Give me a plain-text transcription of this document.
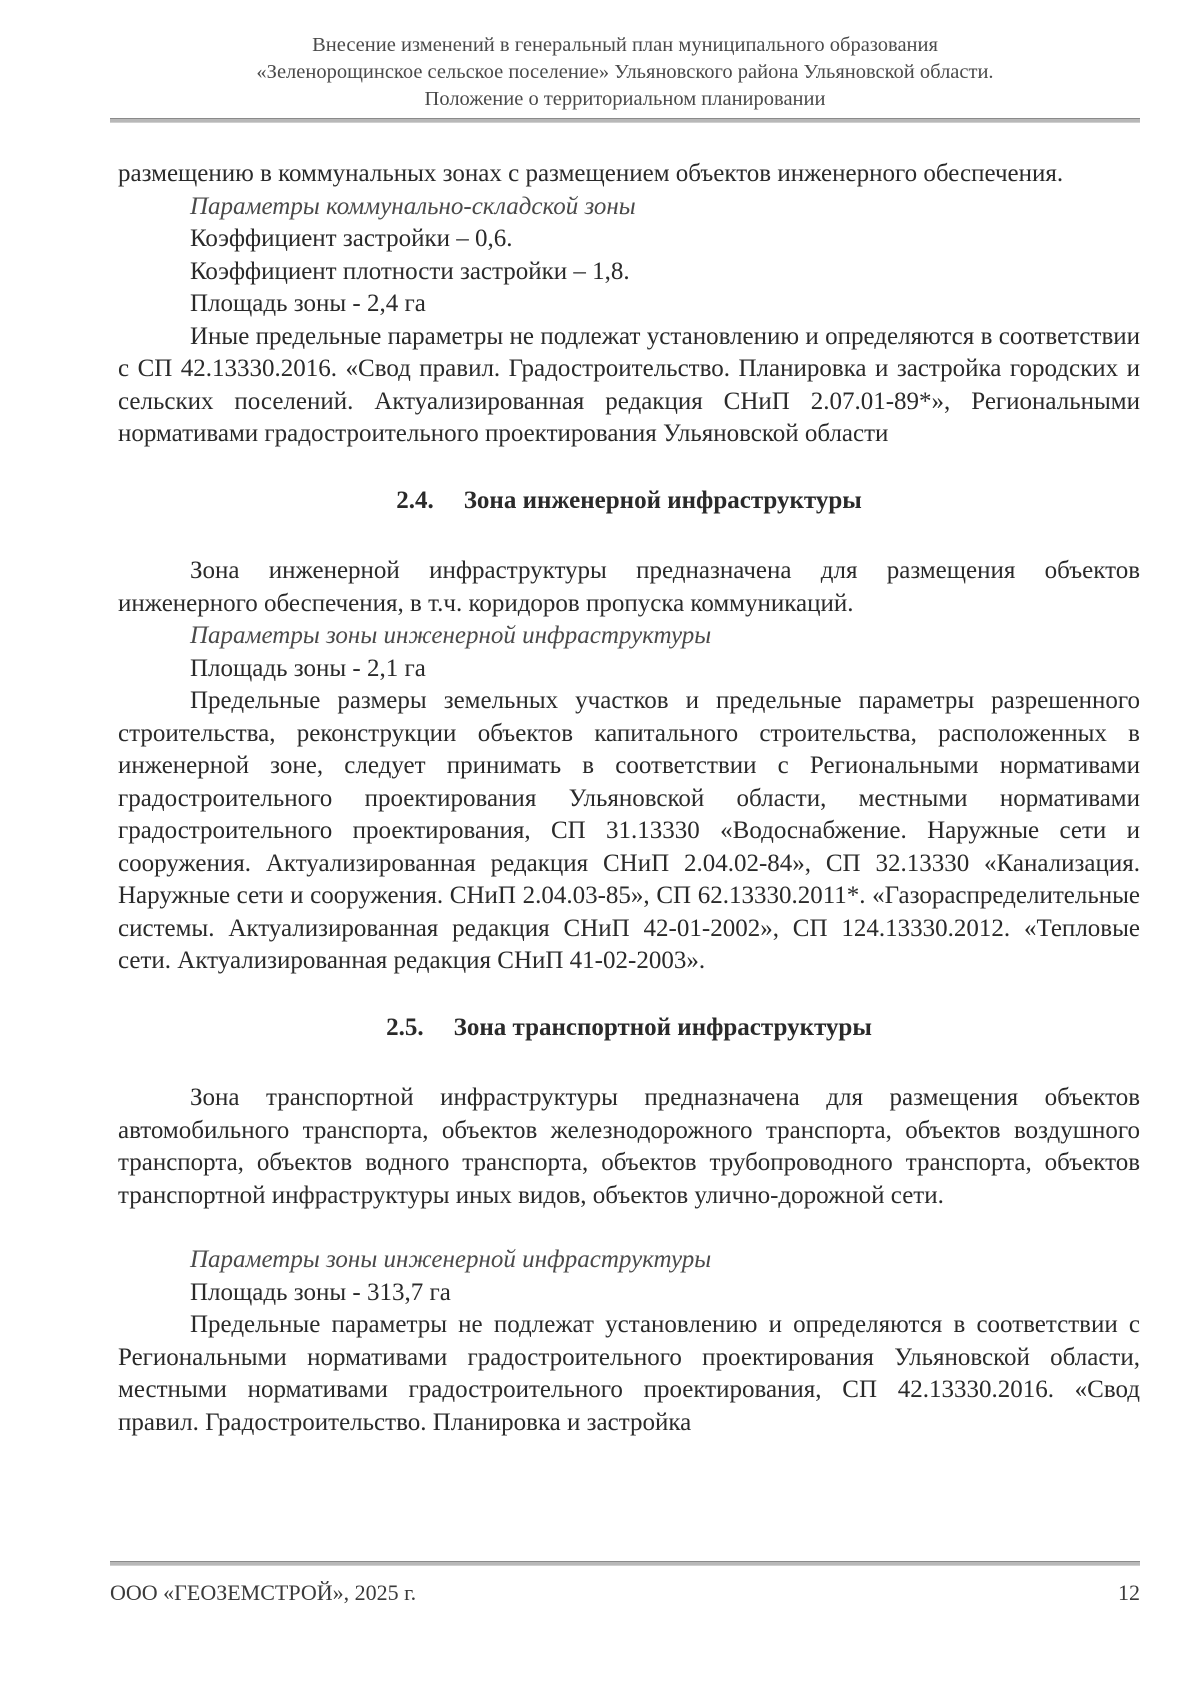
Внесение изменений в генеральный план муниципального образования
«Зеленорощинское сельское поселение» Ульяновского района Ульяновской области.
Положение о территориальном планировании

размещению в коммунальных зонах с размещением объектов инженерного обеспечения.

Параметры коммунально-складской зоны

Коэффициент застройки – 0,6.

Коэффициент плотности застройки – 1,8.

Площадь зоны - 2,4 га

Иные предельные параметры не подлежат установлению и определяются в соответствии с СП 42.13330.2016. «Свод правил. Градостроительство. Планировка и застройка городских и сельских поселений. Актуализированная редакция СНиП 2.07.01-89*», Региональными нормативами градостроительного проектирования Ульяновской области

2.4. Зона инженерной инфраструктуры

Зона инженерной инфраструктуры предназначена для размещения объектов инженерного обеспечения, в т.ч. коридоров пропуска коммуникаций.

Параметры зоны инженерной инфраструктуры

Площадь зоны - 2,1 га

Предельные размеры земельных участков и предельные параметры разрешенного строительства, реконструкции объектов капитального строительства, расположенных в инженерной зоне, следует принимать в соответствии с Региональными нормативами градостроительного проектирования Ульяновской области, местными нормативами градостроительного проектирования, СП 31.13330 «Водоснабжение. Наружные сети и сооружения. Актуализированная редакция СНиП 2.04.02-84», СП 32.13330 «Канализация. Наружные сети и сооружения. СНиП 2.04.03-85», СП 62.13330.2011*. «Газораспределительные системы. Актуализированная редакция СНиП 42-01-2002», СП 124.13330.2012. «Тепловые сети. Актуализированная редакция СНиП 41-02-2003».

2.5. Зона транспортной инфраструктуры

Зона транспортной инфраструктуры предназначена для размещения объектов автомобильного транспорта, объектов железнодорожного транспорта, объектов воздушного транспорта, объектов водного транспорта, объектов трубопроводного транспорта, объектов транспортной инфраструктуры иных видов, объектов улично-дорожной сети.

Параметры зоны инженерной инфраструктуры

Площадь зоны - 313,7 га

Предельные параметры не подлежат установлению и определяются в соответствии с Региональными нормативами градостроительного проектирования Ульяновской области, местными нормативами градостроительного проектирования, СП 42.13330.2016. «Свод правил. Градостроительство. Планировка и застройка

ООО «ГЕОЗЕМСТРОЙ», 2025 г.	12
